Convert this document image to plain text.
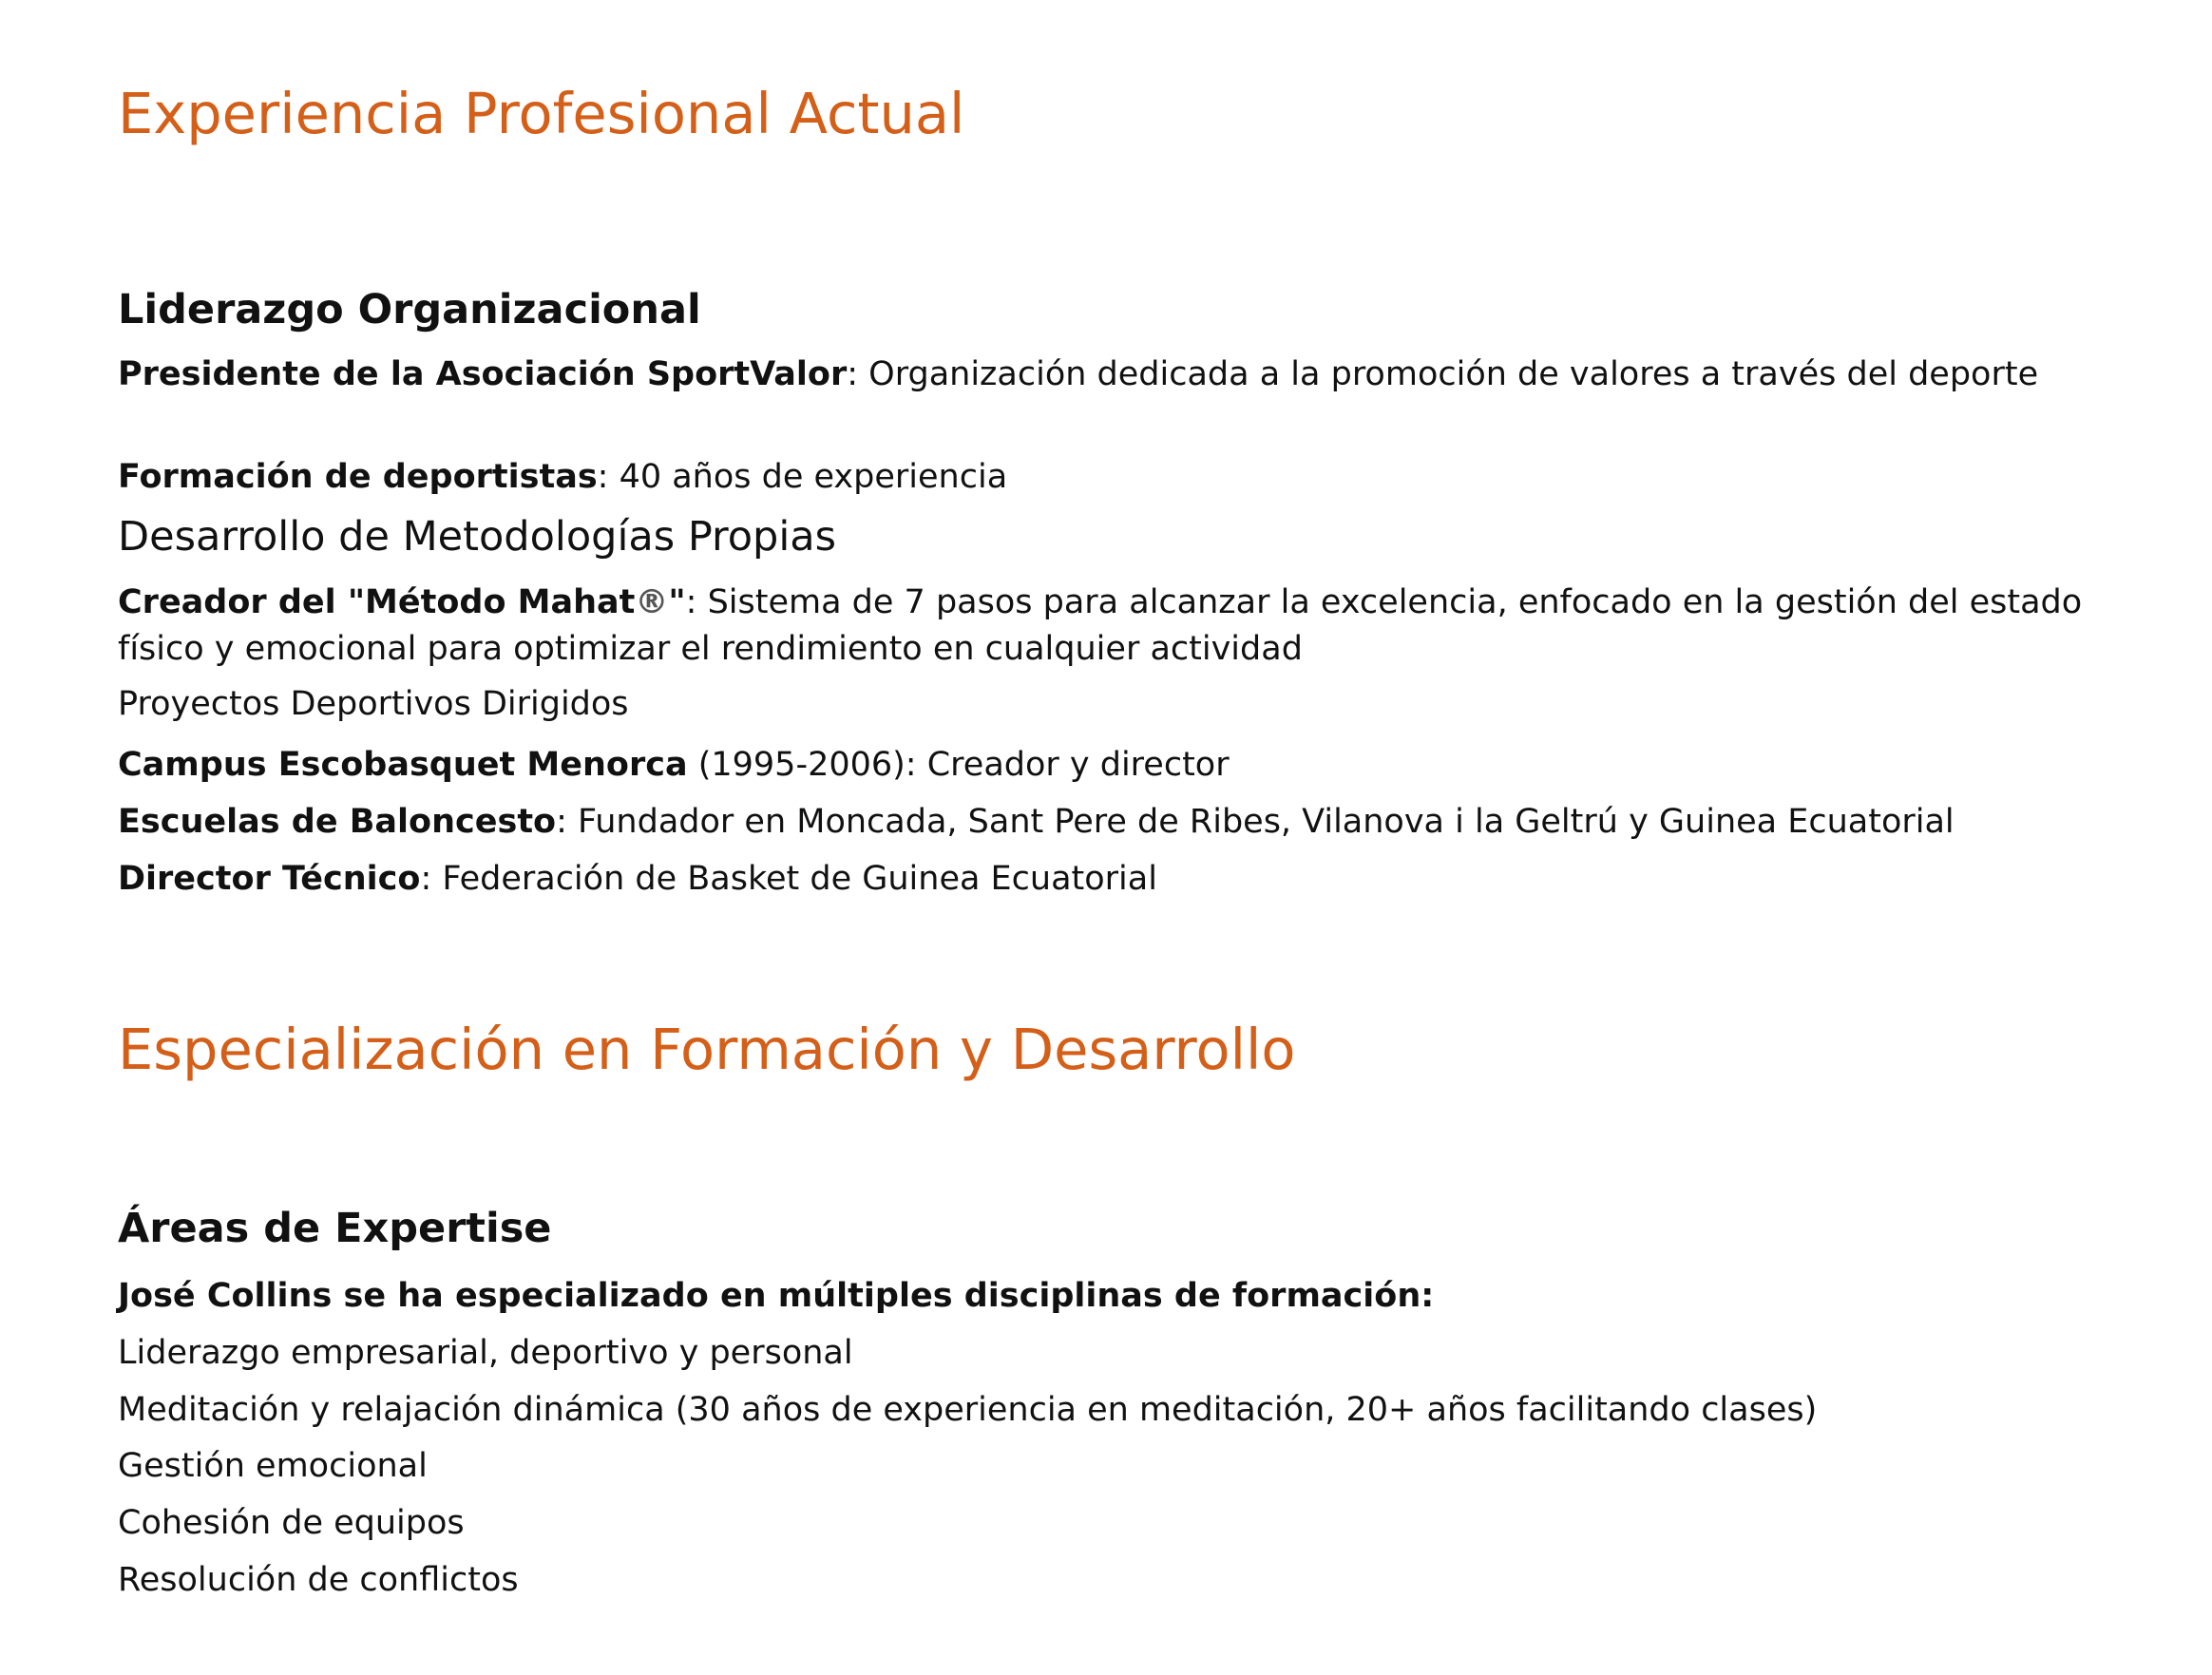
Experiencia Profesional Actual
Liderazgo Organizacional

Presidente de la Asociación SportValor: Organización dedicada a la promoción de valores a través del deporte

Formación de deportistas: 40 años de experiencia

Desarrollo de Metodologías Propias

Creador del "Método Mahat®": Sistema de 7 pasos para alcanzar la excelencia, enfocado en la gestión del estado físico y emocional para optimizar el rendimiento en cualquier actividad

Proyectos Deportivos Dirigidos

Campus Escobasquet Menorca (1995-2006): Creador y director

Escuelas de Baloncesto: Fundador en Moncada, Sant Pere de Ribes, Vilanova i la Geltrú y Guinea Ecuatorial

Director Técnico: Federación de Basket de Guinea Ecuatorial

Especialización en Formación y Desarrollo
Áreas de Expertise

José Collins se ha especializado en múltiples disciplinas de formación:

Liderazgo empresarial, deportivo y personal

Meditación y relajación dinámica (30 años de experiencia en meditación, 20+ años facilitando clases)

Gestión emocional

Cohesión de equipos

Resolución de conflictos
